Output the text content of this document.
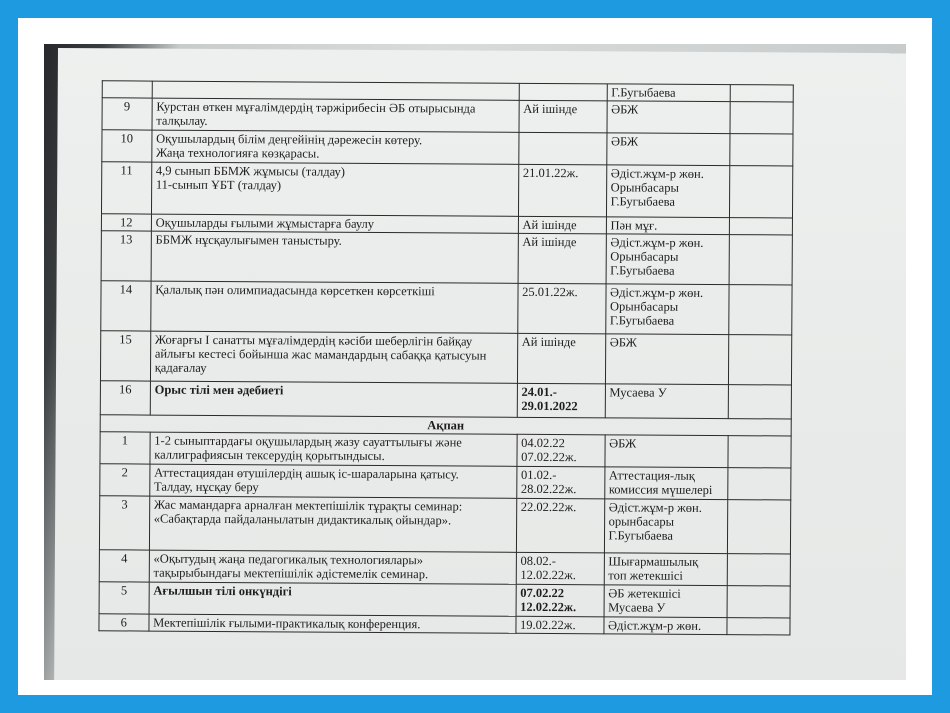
			Г.Бугыбаева	

9	Курстан өткен мұғалімдердің тәржірибесін ӘБ отырысында
талқылау.	Ай ішінде	ӘБЖ	

10	Оқушылардың білім деңгейінің дәрежесін көтеру.
Жаңа технологияға көзқарасы.		ӘБЖ	

11	4,9 сынып ББМЖ жұмысы (талдау)
11-сынып ҰБТ (талдау)	21.01.22ж.	Әдіст.жұм-р жөн.
Орынбасары
Г.Бугыбаева	

12	Оқушыларды ғылыми жұмыстарға баулу	Ай ішінде	Пән мұғ.	

13	ББМЖ нұсқаулығымен таныстыру.	Ай ішінде	Әдіст.жұм-р жөн.
Орынбасары
Г.Бугыбаева	

14	Қалалық пән олимпиадасында көрсеткен көрсеткіші	25.01.22ж.	Әдіст.жұм-р жөн.
Орынбасары
Г.Бугыбаева	

15	Жоғарғы I санатты мұғалімдердің кәсіби шеберлігін байқау
айлығы кестесі бойынша жас мамандардың сабаққа қатысуын
қадағалау	Ай ішінде	ӘБЖ	

16	Орыс тілі мен әдебиеті	24.01.-
29.01.2022	Мусаева У	

Ақпан				
1	1-2 сыныптардағы оқушылардың жазу сауаттылығы және
каллиграфиясын тексерудің қорытындысы.	04.02.22
07.02.22ж.	ӘБЖ	

2	Аттестациядан өтушілердің ашық іс-шараларына қатысу.
Талдау, нұсқау беру	01.02.-
28.02.22ж.	Аттестация-лық
комиссия мүшелері	

3	Жас мамандарға арналған мектепішілік тұрақты семинар:
«Сабақтарда пайдаланылатын дидактикалық ойындар».	22.02.22ж.	Әдіст.жұм-р жөн.
орынбасары
Г.Бугыбаева	

4	«Оқытудың жаңа педагогикалық технологиялары»
тақырыбындағы мектепішілік әдістемелік семинар.	08.02.-
12.02.22ж.	Шығармашылық
топ жетекшісі	

5	Ағылшын тілі онкүндігі	07.02.22
12.02.22ж.	ӘБ жетекшісі
Мусаева У	

6	Мектепішілік ғылыми-практикалық конференция.	19.02.22ж.	Әдіст.жұм-р жөн.	
